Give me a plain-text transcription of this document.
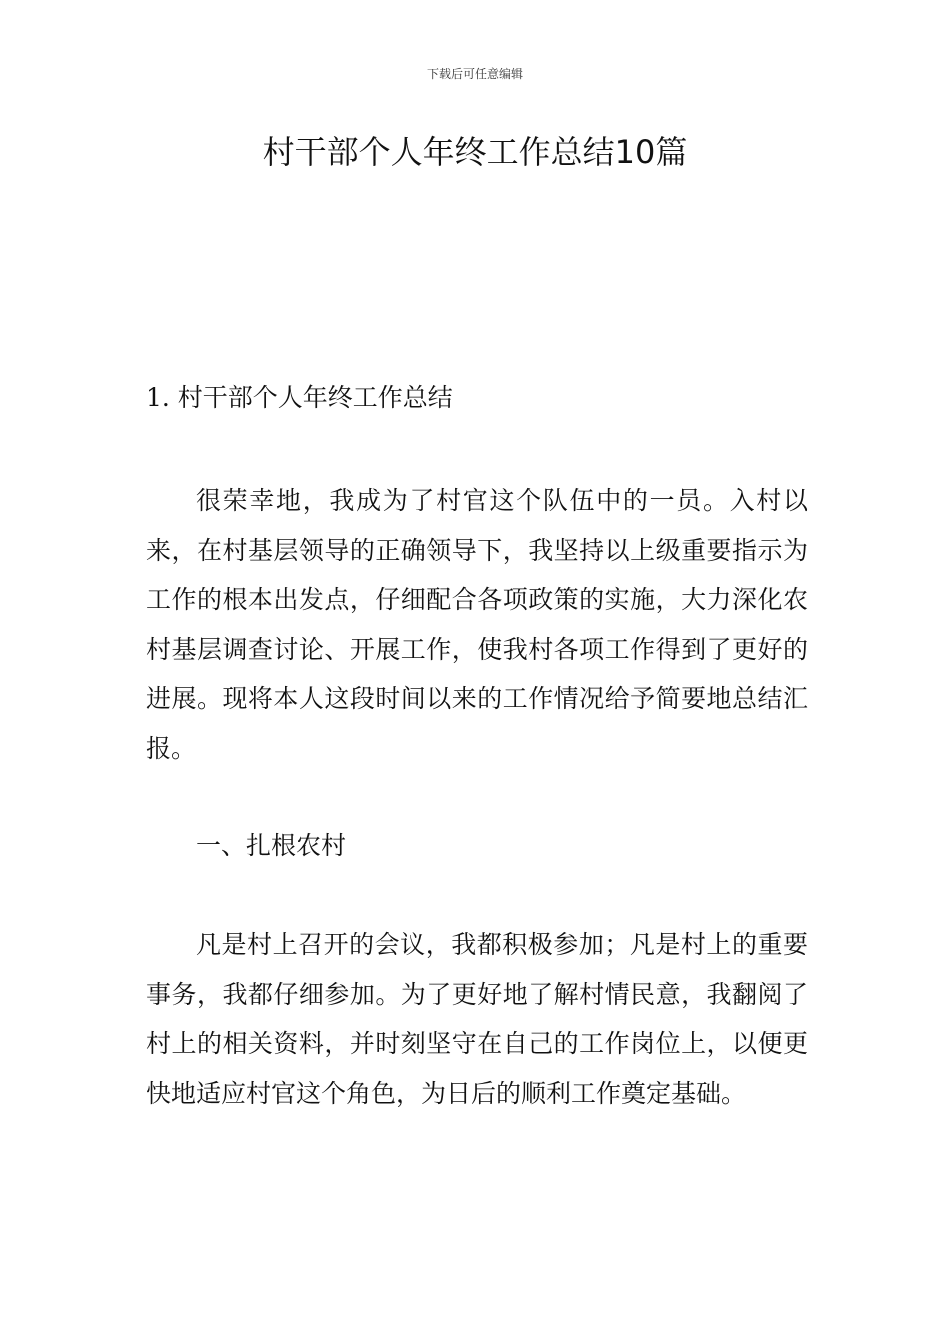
下载后可任意编辑
村干部个人年终工作总结10篇
1. 村干部个人年终工作总结

很荣幸地，我成为了村官这个队伍中的一员。入村以来，在村基层领导的正确领导下，我坚持以上级重要指示为工作的根本出发点，仔细配合各项政策的实施，大力深化农村基层调查讨论、开展工作，使我村各项工作得到了更好的进展。现将本人这段时间以来的工作情况给予简要地总结汇报。

一、扎根农村

凡是村上召开的会议，我都积极参加；凡是村上的重要事务，我都仔细参加。为了更好地了解村情民意，我翻阅了村上的相关资料，并时刻坚守在自己的工作岗位上，以便更快地适应村官这个角色，为日后的顺利工作奠定基础。
